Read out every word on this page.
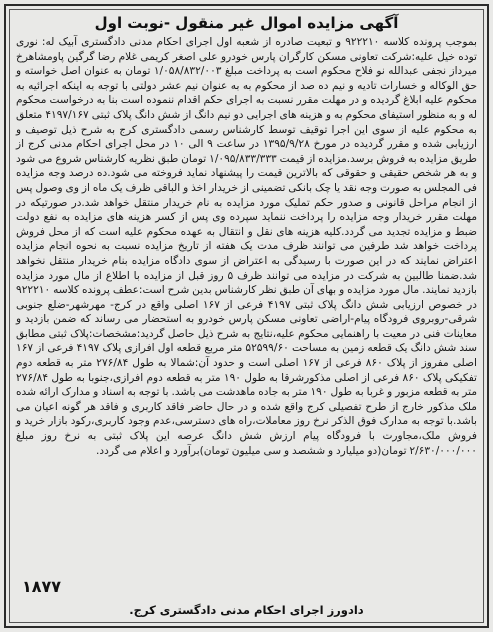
آگهی مزایده اموال غیر منقول -نوبت اول

بموجب پرونده کلاسه ۹۲۲۲۱۰ و تبعیت صادره از شعبه اول اجرای احکام مدنی دادگستری آبیک له: نوری توده خیل علیه:شرکت تعاونی مسکن کارگران پارس خودرو علی اصغر کریمی غلام رضا گرگین پاومشاهرخ میرداز نجفی عبدالله نو فلاح محکوم است به پرداخت مبلغ ۱/۰۵۸/۸۳۲/۰۰۳ تومان به عنوان اصل خواسته و حق الوکاله و خسارات تادیه و نیم ده صد از محکوم به به عنوان نیم عشر دولتی با توجه به اینکه اجرائیه به محکوم علیه ابلاغ گردیده و در مهلت مقرر نسبت به اجرای حکم اقدام ننموده است بنا به درخواست محکوم له و به منظور استیفای محکوم به و هزینه های اجرایی دو نیم دانگ از شش دانگ پلاک ثبتی ۴۱۹۷/۱۶۷ متعلق به محکوم علیه از سوی این اجرا توقیف توسط کارشناس رسمی دادگستری کرج به شرح ذیل توصیف و ارزیابی شده و مقرر گردیده در مورخ ۱۳۹۵/۹/۲۸ در ساعت ۹ الی ۱۰ در محل اجرای احکام مدنی کرج از طریق مزایده به فروش برسد.مزایده از قیمت ۱/۰۹۵/۸۳۳/۳۳۳ تومان طبق نظریه کارشناس شروع می شود و به هر شخص حقیقی و حقوقی که بالاترین قیمت را پیشنهاد نماید فروخته می شود.ده درصد وجه مزایده فی المجلس به صورت وجه نقد یا چک بانکی تضمینی از خریدار اخذ و الباقی ظرف یک ماه از وی وصول پس از انجام مراحل قانونی و صدور حکم تملیک مورد مزایده به نام خریدار منتقل خواهد شد.در صورتیکه در مهلت مقرر خریدار وجه مزایده را پرداخت ننماید سپرده وی پس از کسر هزینه های مزایده به نفع دولت ضبط و مزایده تجدید می گردد.کلیه هزینه های نقل و انتقال به عهده محکوم علیه است که از محل فروش پرداخت خواهد شد طرفین می توانند ظرف مدت یک هفته از تاریخ مزایده نسبت به نحوه انجام مزایده اعتراض نمایند که در این صورت با رسیدگی به اعتراض از سوی دادگاه مزایده بنام خریدار منتقل نخواهد شد.ضمنا طالبین به شرکت در مزایده می توانند ظرف ۵ روز قبل از مزایده با اطلاع از مال مورد مزایده بازدید نمایند. مال مورد مزایده و بهای آن طبق نظر کارشناس بدین شرح است:عطف پرونده کلاسه ۹۲۲۲۱۰ در خصوص ارزیابی شش دانگ پلاک ثبتی ۴۱۹۷ فرعی از ۱۶۷ اصلی واقع در کرج- مهرشهر-ضلع جنوبی شرقی-روبروی فرودگاه پیام-اراضی تعاونی مسکن پارس خودرو به استحضار می رساند که ضمن بازدید و معاینات فنی در معیت با راهنمایی محکوم علیه،نتایج به شرح ذیل حاصل گردید:مشخصات:پلاک ثبتی مطابق سند شش دانگ یک قطعه زمین به مساحت ۵۲۵۹۹/۶۰ متر مربع قطعه اول افرازی پلاک ۴۱۹۷ فرعی از ۱۶۷ اصلی مفروز از پلاک ۸۶۰ فرعی از ۱۶۷ اصلی است و حدود آن:شمالا به طول ۲۷۶/۸۴ متر به قطعه دوم تفکیکی پلاک ۸۶۰ فرعی از اصلی مذکورشرقا به طول ۱۹۰ متر به قطعه دوم افرازی،جنوبا به طول ۲۷۶/۸۴ متر به قطعه مزبور و غربا به طول ۱۹۰ متر به جاده ماهدشت می باشد. با توجه به اسناد و مدارک ارائه شده ملک مذکور خارج از طرح تفصیلی کرج واقع شده و در حال حاضر فاقد کاربری و فاقد هر گونه اعیان می باشد.با توجه به مدارک فوق الذکر نرخ روز معاملات،راه های دسترسی،عدم وجود کاربری،رکود بازار خرید و فروش ملک،مجاورت با فرودگاه پیام ارزش شش دانگ عرصه این پلاک ثبتی به نرخ روز مبلغ ۲/۶۳۰/۰۰۰/۰۰۰ تومان(دو میلیارد و ششصد و سی میلیون تومان)برآورد و اعلام می گردد.

۱۸۷۷
دادورز اجرای احکام مدنی دادگستری کرج.
